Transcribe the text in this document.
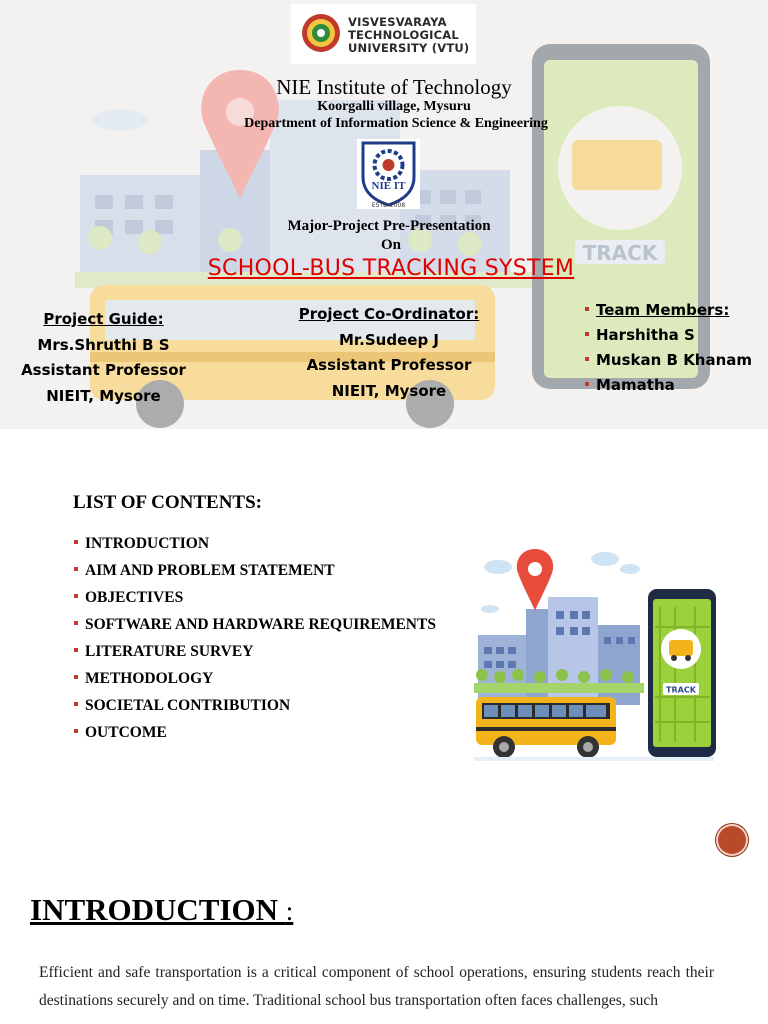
TRACK
VISVESVARAYA
TECHNOLOGICAL
UNIVERSITY (VTU)
NIE Institute of Technology
Koorgalli village, Mysuru
Department of Information Science & Engineering
NIE IT
ESTD-2008
Major-Project Pre-Presentation
On
SCHOOL-BUS TRACKING SYSTEM
Project Guide:
Mrs.Shruthi B S
Assistant Professor
NIEIT, Mysore
Project Co-Ordinator:
Mr.Sudeep J
Assistant Professor
NIEIT, Mysore
Team Members:
Harshitha S
Muskan B Khanam
Mamatha
LIST OF CONTENTS:
INTRODUCTION
AIM AND PROBLEM STATEMENT
OBJECTIVES
SOFTWARE AND HARDWARE REQUIREMENTS
LITERATURE SURVEY
METHODOLOGY
SOCIETAL CONTRIBUTION
OUTCOME
TRACK
INTRODUCTION :

Efficient and safe transportation is a critical component of school operations, ensuring students reach their destinations securely and on time. Traditional school bus transportation often faces challenges, such
